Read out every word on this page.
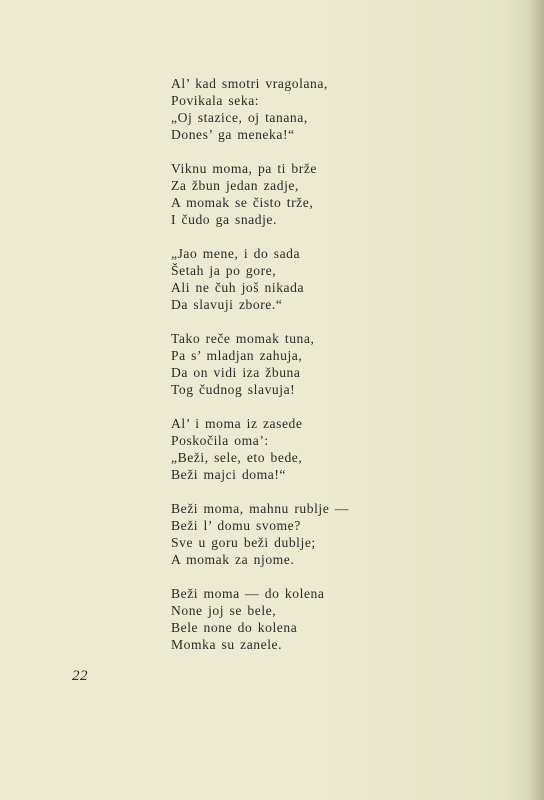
Al’ kad smotri vragolana,
Povikala seka:
„Oj stazice, oj tanana,
Dones’ ga meneka!“
Viknu moma, pa ti brže
Za žbun jedan zadje,
A momak se čisto trže,
I čudo ga snadje.
„Jao mene, i do sada
Šetah ja po gore,
Ali ne čuh još nikada
Da slavuji zbore.“
Tako reče momak tuna,
Pa s’ mladjan zahuja,
Da on vidi iza žbuna
Tog čudnog slavuja!
Al’ i moma iz zasede
Poskočila oma’:
„Beži, sele, eto bede,
Beži majci doma!“
Beži moma, mahnu rublje —
Beži l’ domu svome?
Sve u goru beži dublje;
A momak za njome.
Beži moma — do kolena
None joj se bele,
Bele none do kolena
Momka su zanele.
22
